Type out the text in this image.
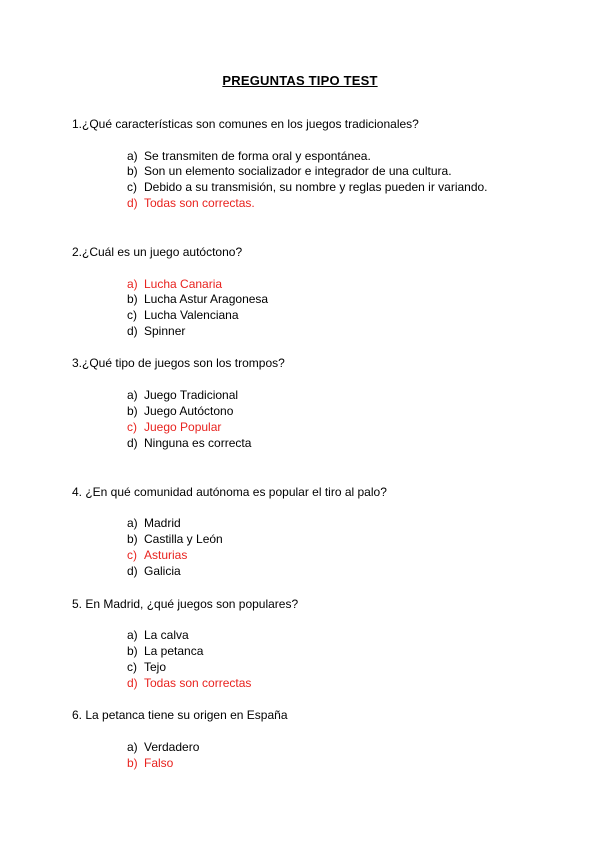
PREGUNTAS TIPO TEST
1.¿Qué características son comunes en los juegos tradicionales?
a) Se transmiten de forma oral y espontánea.
b) Son un elemento socializador e integrador de una cultura.
c) Debido a su transmisión, su nombre y reglas pueden ir variando.
d) Todas son correctas.
2.¿Cuál es un juego autóctono?
a) Lucha Canaria
b) Lucha Astur Aragonesa
c) Lucha Valenciana
d) Spinner
3.¿Qué tipo de juegos son los trompos?
a) Juego Tradicional
b) Juego Autóctono
c) Juego Popular
d) Ninguna es correcta
4. ¿En qué comunidad autónoma es popular el tiro al palo?
a) Madrid
b) Castilla y León
c) Asturias
d) Galicia
5. En Madrid, ¿qué juegos son populares?
a) La calva
b) La petanca
c) Tejo
d) Todas son correctas
6. La petanca tiene su origen en España
a) Verdadero
b) Falso
